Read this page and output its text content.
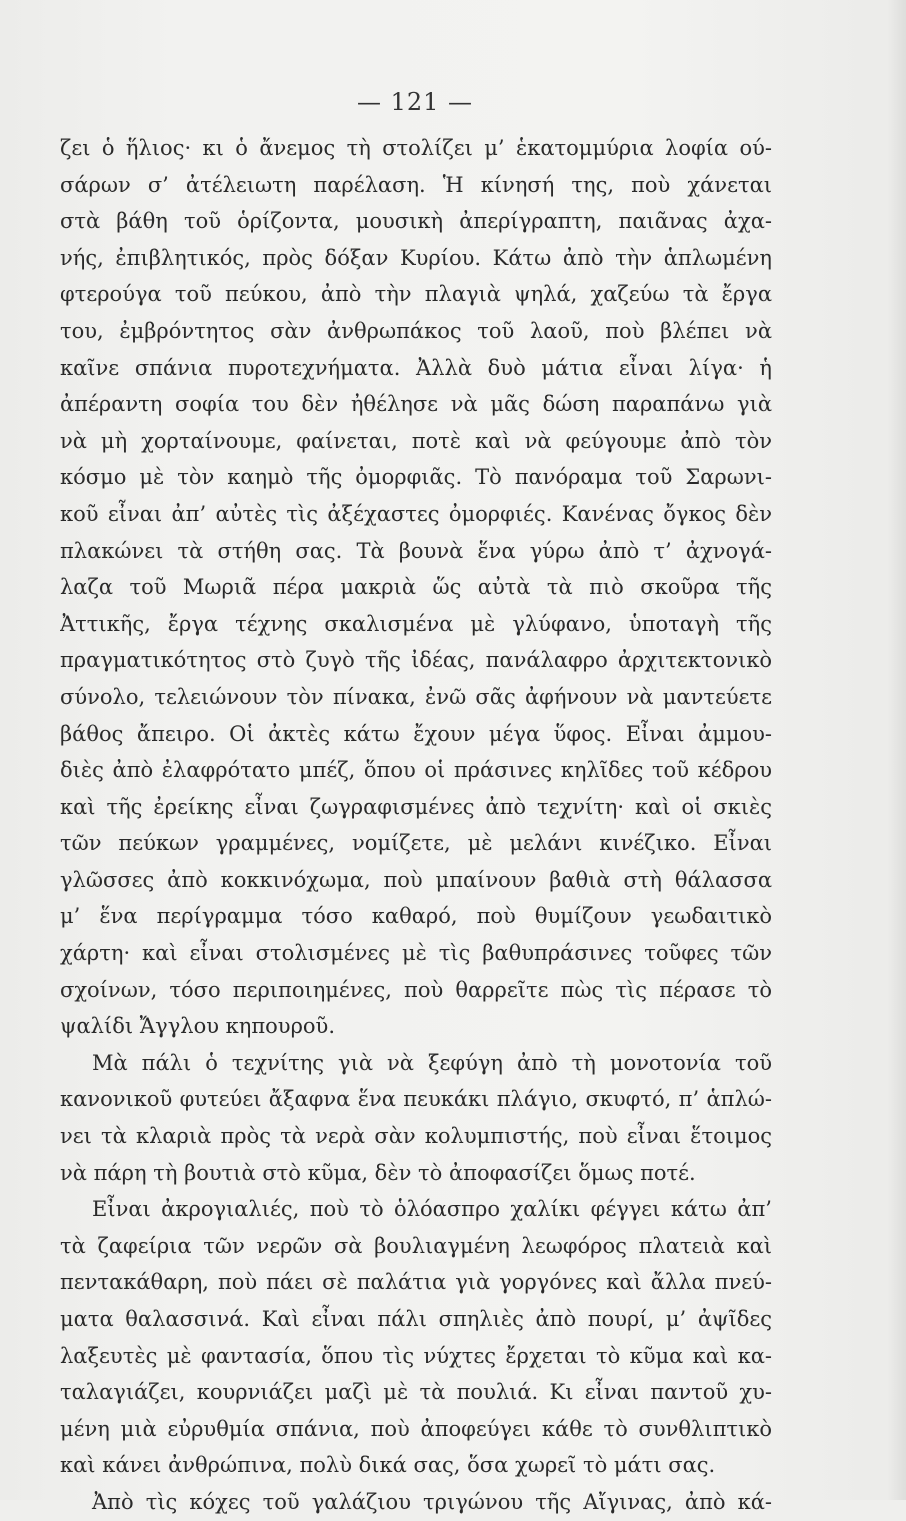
— 121 —
ζει ὁ ἥλιος· κι ὁ ἄνεμος τὴ στολίζει μ’ ἑκατομμύρια λοφία ού-
σάρων σ’ ἀτέλειωτη παρέλαση. Ἡ κίνησή της, ποὺ χάνεται
στὰ βάθη τοῦ ὁρίζοντα, μουσικὴ ἀπερίγραπτη, παιᾶνας ἀχα-
νής, ἐπιβλητικός, πρὸς δόξαν Κυρίου. Κάτω ἀπὸ τὴν ἁπλωμένη
φτερούγα τοῦ πεύκου, ἀπὸ τὴν πλαγιὰ ψηλά, χαζεύω τὰ ἔργα
του, ἐμβρόντητος σὰν ἀνθρωπάκος τοῦ λαοῦ, ποὺ βλέπει νὰ
καῖνε σπάνια πυροτεχνήματα. Ἀλλὰ δυὸ μάτια εἶναι λίγα· ἡ
ἀπέραντη σοφία του δὲν ἠθέλησε νὰ μᾶς δώση παραπάνω γιὰ
νὰ μὴ χορταίνουμε, φαίνεται, ποτὲ καὶ νὰ φεύγουμε ἀπὸ τὸν
κόσμο μὲ τὸν καημὸ τῆς ὀμορφιᾶς. Τὸ πανόραμα τοῦ Σαρωνι-
κοῦ εἶναι ἀπ’ αὐτὲς τὶς ἀξέχαστες ὀμορφιές. Κανένας ὄγκος δὲν
πλακώνει τὰ στήθη σας. Τὰ βουνὰ ἕνα γύρω ἀπὸ τ’ ἀχνογά-
λαζα τοῦ Μωριᾶ πέρα μακριὰ ὥς αὐτὰ τὰ πιὸ σκοῦρα τῆς
Ἀττικῆς, ἔργα τέχνης σκαλισμένα μὲ γλύφανο, ὑποταγὴ τῆς
πραγματικότητος στὸ ζυγὸ τῆς ἰδέας, πανάλαφρο ἀρχιτεκτονικὸ
σύνολο, τελειώνουν τὸν πίνακα, ἐνῶ σᾶς ἀφήνουν νὰ μαντεύετε
βάθος ἄπειρο. Οἱ ἀκτὲς κάτω ἔχουν μέγα ὕφος. Εἶναι ἀμμου-
διὲς ἀπὸ ἐλαφρότατο μπέζ, ὅπου οἱ πράσινες κηλῖδες τοῦ κέδρου
καὶ τῆς ἐρείκης εἶναι ζωγραφισμένες ἀπὸ τεχνίτη· καὶ οἱ σκιὲς
τῶν πεύκων γραμμένες, νομίζετε, μὲ μελάνι κινέζικο. Εἶναι
γλῶσσες ἀπὸ κοκκινόχωμα, ποὺ μπαίνουν βαθιὰ στὴ θάλασσα
μ’ ἕνα περίγραμμα τόσο καθαρό, ποὺ θυμίζουν γεωδαιτικὸ
χάρτη· καὶ εἶναι στολισμένες μὲ τὶς βαθυπράσινες τοῦφες τῶν
σχοίνων, τόσο περιποιημένες, ποὺ θαρρεῖτε πὼς τὶς πέρασε τὸ
ψαλίδι Ἄγγλου κηπουροῦ.
Μὰ πάλι ὁ τεχνίτης γιὰ νὰ ξεφύγη ἀπὸ τὴ μονοτονία τοῦ
κανονικοῦ φυτεύει ἄξαφνα ἕνα πευκάκι πλάγιο, σκυφτό, π’ ἁπλώ-
νει τὰ κλαριὰ πρὸς τὰ νερὰ σὰν κολυμπιστής, ποὺ εἶναι ἕτοιμος
νὰ πάρη τὴ βουτιὰ στὸ κῦμα, δὲν τὸ ἀποφασίζει ὅμως ποτέ.
Εἶναι ἀκρογιαλιές, ποὺ τὸ ὁλόασπρο χαλίκι φέγγει κάτω ἀπ’
τὰ ζαφείρια τῶν νερῶν σὰ βουλιαγμένη λεωφόρος πλατειὰ καὶ
πεντακάθαρη, ποὺ πάει σὲ παλάτια γιὰ γοργόνες καὶ ἄλλα πνεύ-
ματα θαλασσινά. Καὶ εἶναι πάλι σπηλιὲς ἀπὸ πουρί, μ’ ἀψῖδες
λαξευτὲς μὲ φαντασία, ὅπου τὶς νύχτες ἔρχεται τὸ κῦμα καὶ κα-
ταλαγιάζει, κουρνιάζει μαζὶ μὲ τὰ πουλιά. Κι εἶναι παντοῦ χυ-
μένη μιὰ εὐρυθμία σπάνια, ποὺ ἀποφεύγει κάθε τὸ συνθλιπτικὸ
καὶ κάνει ἀνθρώπινα, πολὺ δικά σας, ὅσα χωρεῖ τὸ μάτι σας.
Ἀπὸ τὶς κόχες τοῦ γαλάζιου τριγώνου τῆς Αἴγινας, ἀπὸ κά-
